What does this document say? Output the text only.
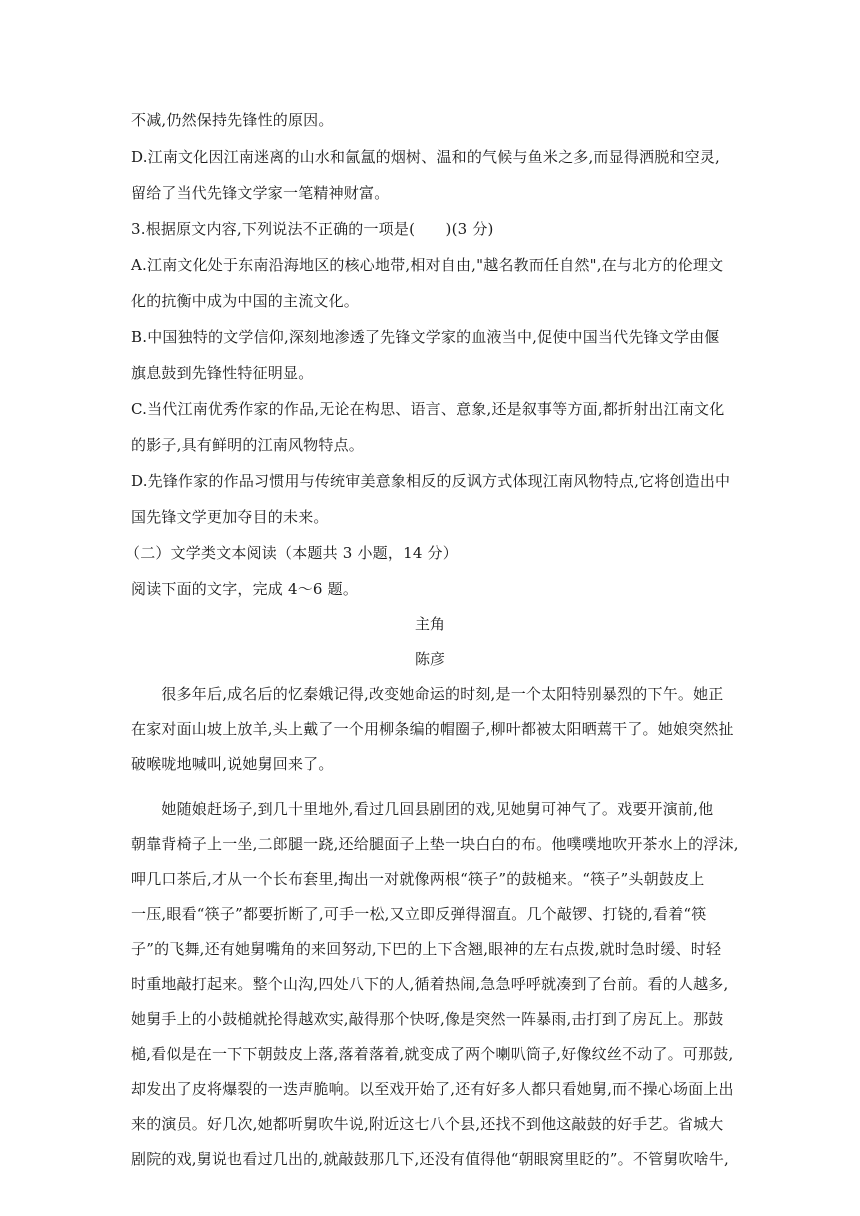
不减,仍然保持先锋性的原因。
D.江南文化因江南迷离的山水和氤氲的烟树、温和的气候与鱼米之多,而显得洒脱和空灵,
留给了当代先锋文学家一笔精神财富。
3.根据原文内容,下列说法不正确的一项是(　　)(3 分)
A.江南文化处于东南沿海地区的核心地带,相对自由,"越名教而任自然",在与北方的伦理文
化的抗衡中成为中国的主流文化。
B.中国独特的文学信仰,深刻地渗透了先锋文学家的血液当中,促使中国当代先锋文学由偃
旗息鼓到先锋性特征明显。
C.当代江南优秀作家的作品,无论在构思、语言、意象,还是叙事等方面,都折射出江南文化
的影子,具有鲜明的江南风物特点。
D.先锋作家的作品习惯用与传统审美意象相反的反讽方式体现江南风物特点,它将创造出中
国先锋文学更加夺目的未来。
（二）文学类文本阅读（本题共 3 小题，14 分）
阅读下面的文字，完成 4～6 题。
主角
陈彦
　　很多年后,成名后的忆秦娥记得,改变她命运的时刻,是一个太阳特别暴烈的下午。她正
在家对面山坡上放羊,头上戴了一个用柳条编的帽圈子,柳叶都被太阳晒蔫干了。她娘突然扯
破喉咙地喊叫,说她舅回来了。
　　她随娘赶场子,到几十里地外,看过几回县剧团的戏,见她舅可神气了。戏要开演前,他
朝靠背椅子上一坐,二郎腿一跷,还给腿面子上垫一块白白的布。他噗噗地吹开茶水上的浮沫,
呷几口茶后,才从一个长布套里,掏出一对就像两根“筷子”的鼓槌来。“筷子”头朝鼓皮上
一压,眼看“筷子”都要折断了,可手一松,又立即反弹得溜直。几个敲锣、打铙的,看着“筷
子”的飞舞,还有她舅嘴角的来回努动,下巴的上下含翘,眼神的左右点拨,就时急时缓、时轻
时重地敲打起来。整个山沟,四处八下的人,循着热闹,急急呼呼就凑到了台前。看的人越多,
她舅手上的小鼓槌就抡得越欢实,敲得那个快呀,像是突然一阵暴雨,击打到了房瓦上。那鼓
槌,看似是在一下下朝鼓皮上落,落着落着,就变成了两个喇叭筒子,好像纹丝不动了。可那鼓,
却发出了皮将爆裂的一迭声脆响。以至戏开始了,还有好多人都只看她舅,而不操心场面上出
来的演员。好几次,她都听舅吹牛说,附近这七八个县,还找不到他这敲鼓的好手艺。省城大
剧院的戏,舅说也看过几出的,就敲鼓那几下,还没有值得他“朝眼窝里眨的”。不管舅吹啥牛,
